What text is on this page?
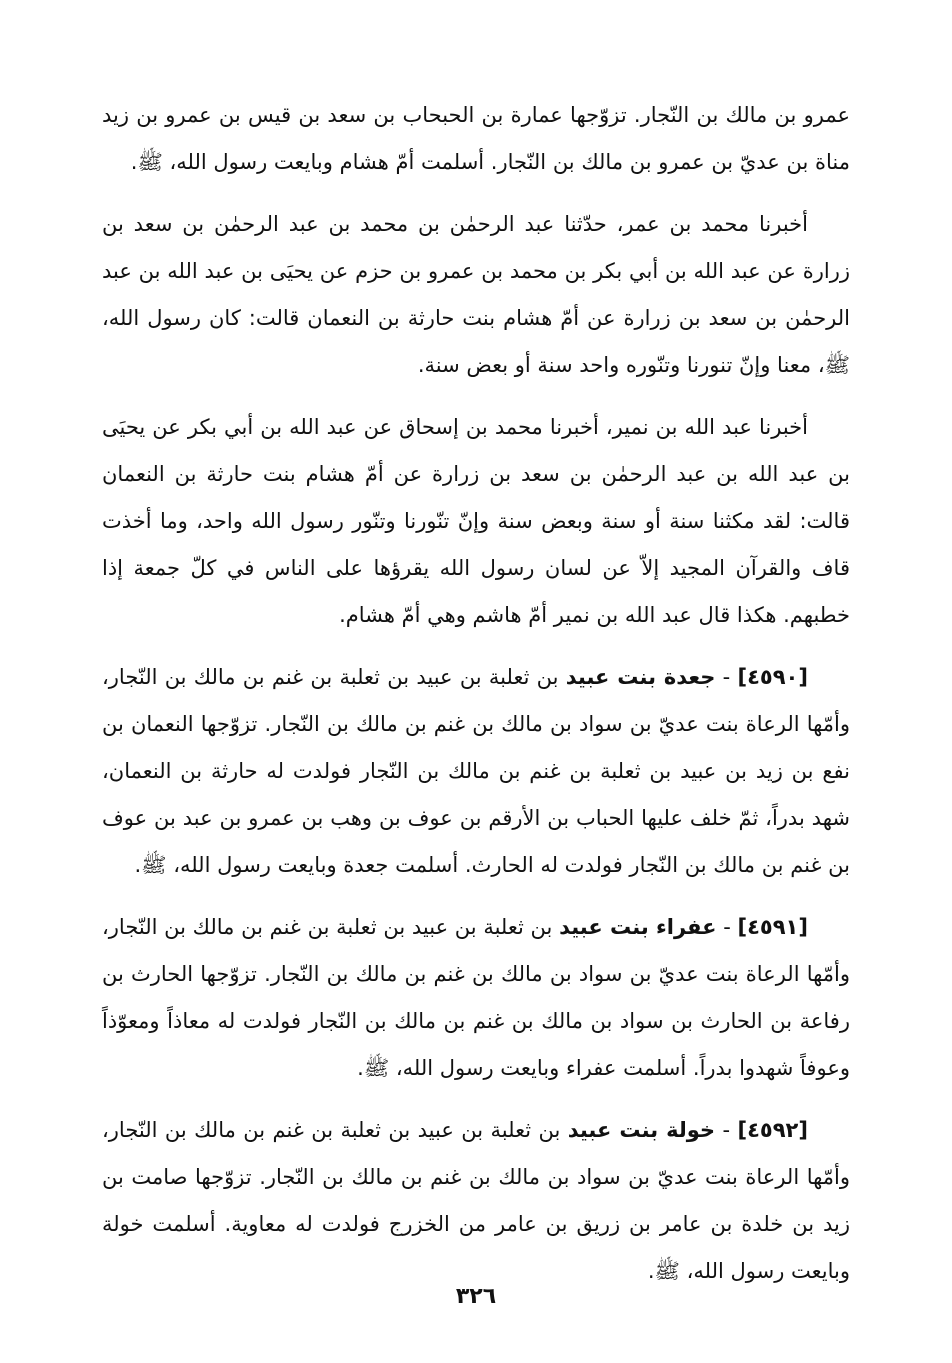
عمرو بن مالك بن النّجار. تزوّجها عمارة بن الحبحاب بن سعد بن قيس بن عمرو بن زيد مناة بن عديّ بن عمرو بن مالك بن النّجار. أسلمت أمّ هشام وبايعت رسول الله، ﷺ.

أخبرنا محمد بن عمر، حدّثنا عبد الرحمٰن بن محمد بن عبد الرحمٰن بن سعد بن زرارة عن عبد الله بن أبي بكر بن محمد بن عمرو بن حزم عن يحيَى بن عبد الله بن عبد الرحمٰن بن سعد بن زرارة عن أمّ هشام بنت حارثة بن النعمان قالت: كان رسول الله، ﷺ، معنا وإنّ تنورنا وتنّوره واحد سنة أو بعض سنة.

أخبرنا عبد الله بن نمير، أخبرنا محمد بن إسحاق عن عبد الله بن أبي بكر عن يحيَى بن عبد الله بن عبد الرحمٰن بن سعد بن زرارة عن أمّ هشام بنت حارثة بن النعمان قالت: لقد مكثنا سنة أو سنة وبعض سنة وإنّ تنّورنا وتنّور رسول الله واحد، وما أخذت قاف والقرآن المجيد إلاّ عن لسان رسول الله يقرؤها على الناس في كلّ جمعة إذا خطبهم. هكذا قال عبد الله بن نمير أمّ هاشم وهي أمّ هشام.

[٤٥٩٠] - جعدة بنت عبيد بن ثعلبة بن عبيد بن ثعلبة بن غنم بن مالك بن النّجار، وأمّها الرعاة بنت عديّ بن سواد بن مالك بن غنم بن مالك بن النّجار. تزوّجها النعمان بن نفع بن زيد بن عبيد بن ثعلبة بن غنم بن مالك بن النّجار فولدت له حارثة بن النعمان، شهد بدراً، ثمّ خلف عليها الحباب بن الأرقم بن عوف بن وهب بن عمرو بن عبد بن عوف بن غنم بن مالك بن النّجار فولدت له الحارث. أسلمت جعدة وبايعت رسول الله، ﷺ.

[٤٥٩١] - عفراء بنت عبيد بن ثعلبة بن عبيد بن ثعلبة بن غنم بن مالك بن النّجار، وأمّها الرعاة بنت عديّ بن سواد بن مالك بن غنم بن مالك بن النّجار. تزوّجها الحارث بن رفاعة بن الحارث بن سواد بن مالك بن غنم بن مالك بن النّجار فولدت له معاذاً ومعوّذاً وعوفاً شهدوا بدراً. أسلمت عفراء وبايعت رسول الله، ﷺ.

[٤٥٩٢] - خولة بنت عبيد بن ثعلبة بن عبيد بن ثعلبة بن غنم بن مالك بن النّجار، وأمّها الرعاة بنت عديّ بن سواد بن مالك بن غنم بن مالك بن النّجار. تزوّجها صامت بن زيد بن خلدة بن عامر بن زريق بن عامر من الخزرج فولدت له معاوية. أسلمت خولة وبايعت رسول الله، ﷺ.

٣٢٦
